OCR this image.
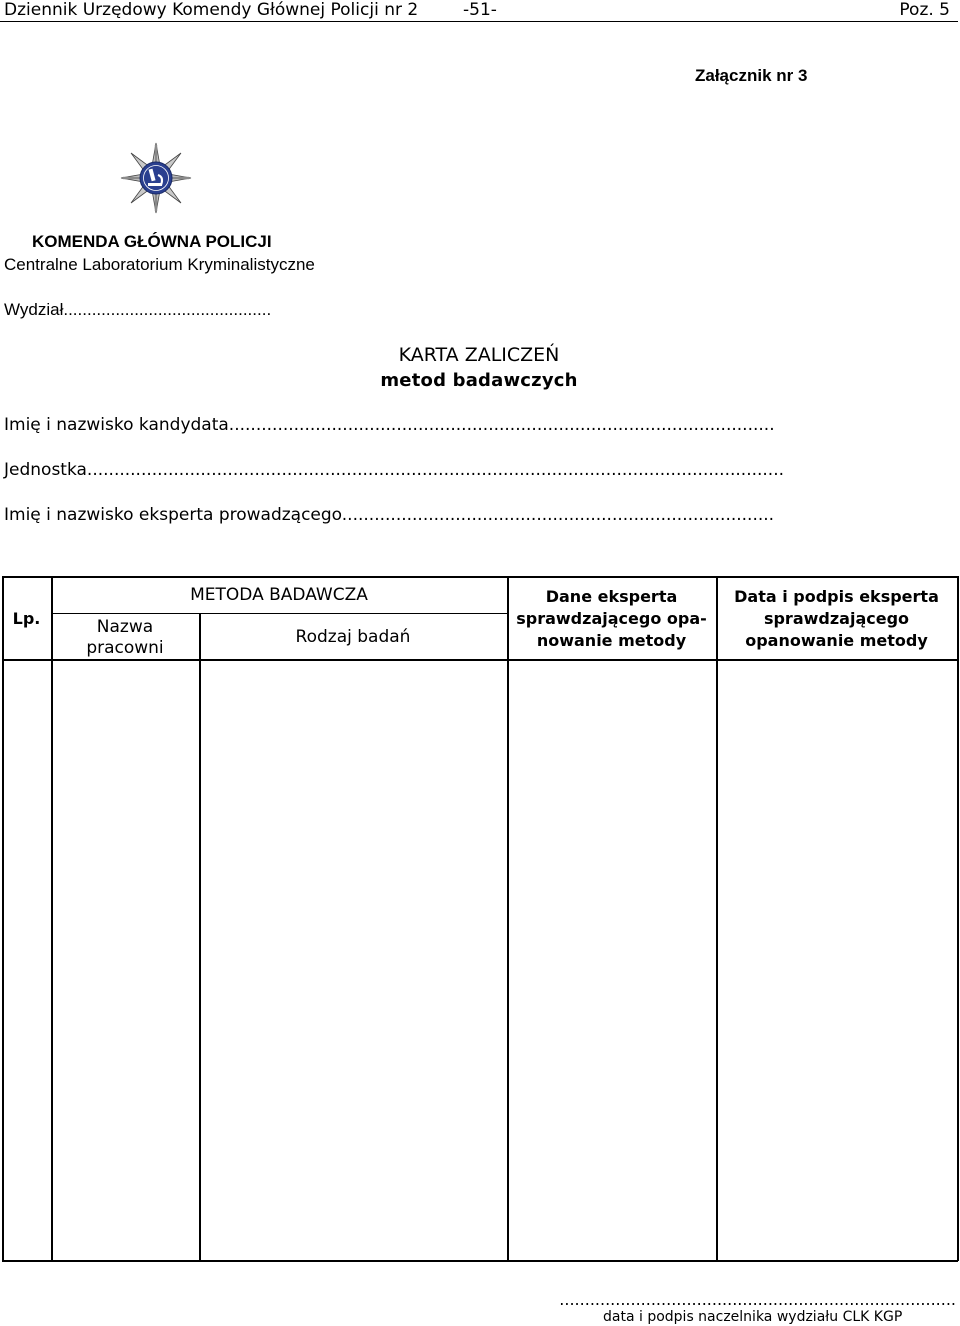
Dziennik Urzędowy Komendy Głównej Policji nr 2	-51-	Poz. 5
Załącznik nr 3
KOMENDA GŁÓWNA POLICJI
Centralne Laboratorium Kryminalistyczne
Wydział............................................
KARTA ZALICZEŃ
metod badawczych
Imię i nazwisko kandydata.....................................................................................................
Jednostka.................................................................................................................................
Imię i nazwisko eksperta prowadzącego................................................................................
Lp.
METODA BADAWCZA
Nazwa
pracowni
Rodzaj badań
Dane eksperta
sprawdzającego opa-
nowanie metody
Data i podpis eksperta
sprawdzającego
opanowanie metody
..............................................................................
data i podpis naczelnika wydziału CLK KGP
